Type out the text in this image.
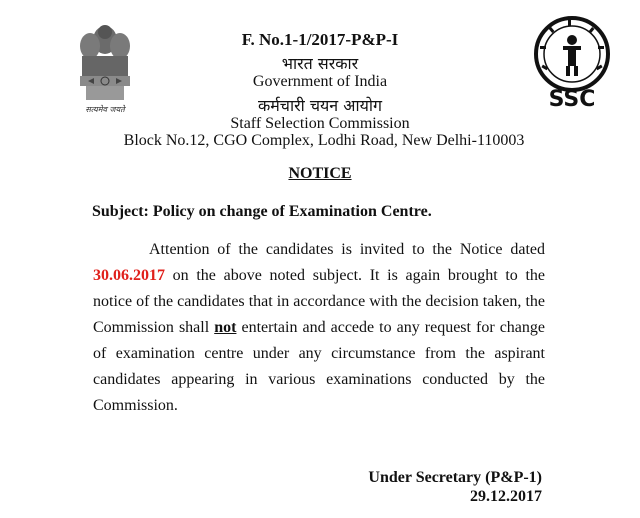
सत्यमेव जयते	SSC
F. No.1-1/2017-P&P-I
भारत सरकार
Government of India
कर्मचारी चयन आयोग
Staff Selection Commission
Block No.12, CGO Complex, Lodhi Road, New Delhi-110003
NOTICE
Subject: Policy on change of Examination Centre.

Attention of the candidates is invited to the Notice dated 30.06.2017 on the above noted subject. It is again brought to the notice of the candidates that in accordance with the decision taken, the Commission shall not entertain and accede to any request for change of examination centre under any circumstance from the aspirant candidates appearing in various examinations conducted by the Commission.

Under Secretary (P&P-1)
29.12.2017
